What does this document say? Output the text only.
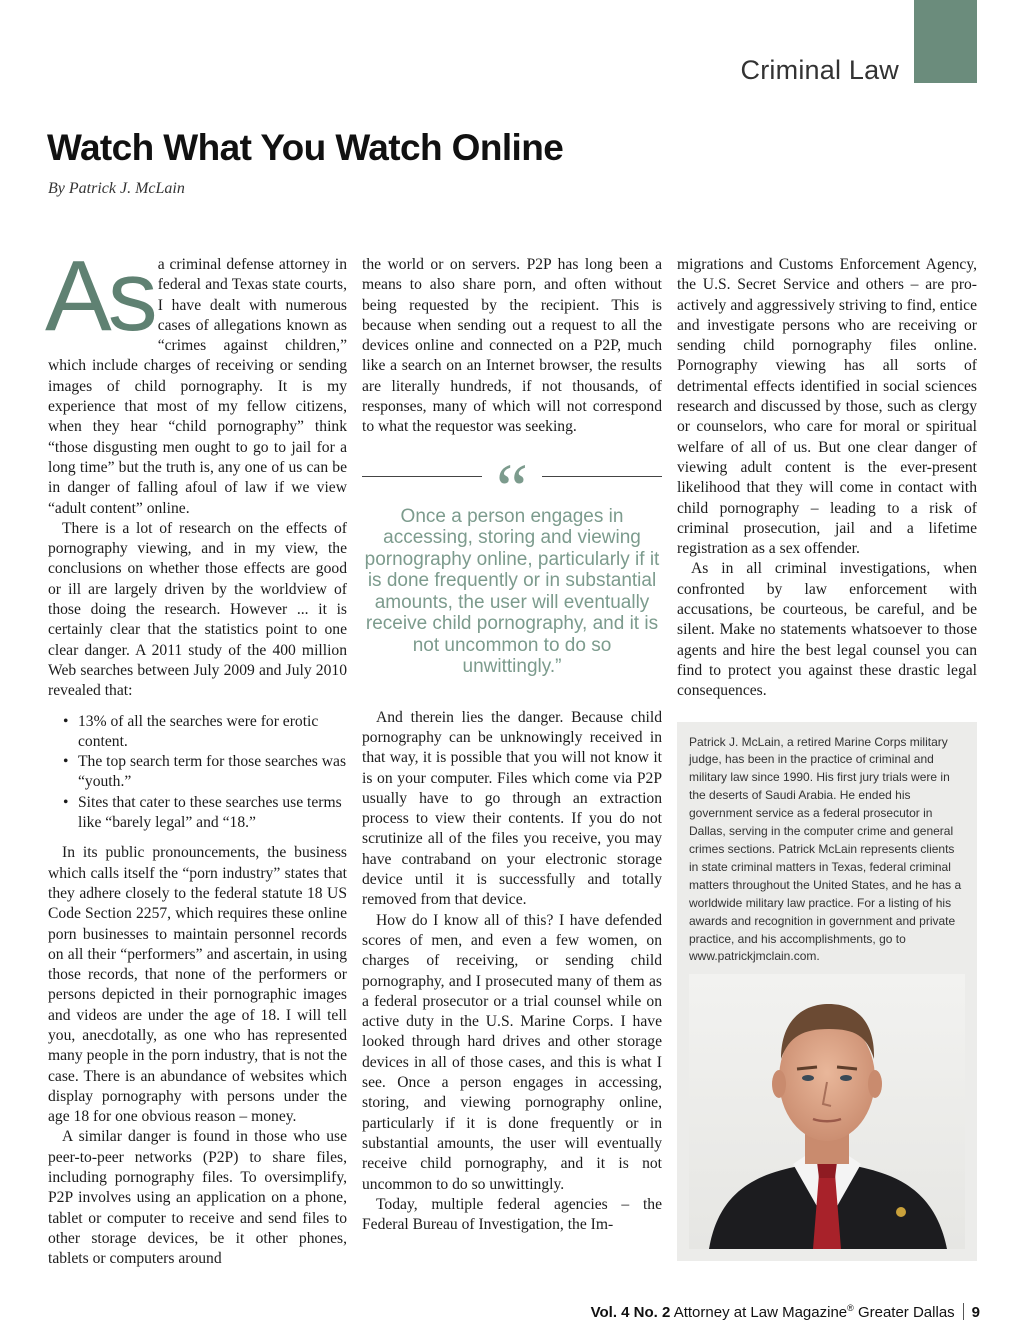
Criminal Law
Watch What You Watch Online
By Patrick J. McLain

As a criminal defense attorney in federal and Texas state courts, I have dealt with numerous cases of allegations known as “crimes against children,” which include charges of receiving or sending images of child pornography. It is my experience that most of my fellow citizens, when they hear “child pornography” think “those disgusting men ought to go to jail for a long time” but the truth is, any one of us can be in danger of falling afoul of law if we view “adult content” online.

There is a lot of research on the effects of pornography viewing, and in my view, the conclusions on whether those effects are good or ill are largely driven by the worldview of those doing the research. However ... it is certainly clear that the statistics point to one clear danger. A 2011 study of the 400 million Web searches between July 2009 and July 2010 revealed that:

• 13% of all the searches were for erotic content.
• The top search term for those searches was “youth.”
• Sites that cater to these searches use terms like “barely legal” and “18.”

In its public pronouncements, the business which calls itself the “porn industry” states that they adhere closely to the federal statute 18 US Code Section 2257, which requires these online porn businesses to maintain personnel records on all their “performers” and ascertain, in using those records, that none of the performers or persons depicted in their pornographic images and videos are under the age of 18. I will tell you, anecdotally, as one who has represented many people in the porn industry, that is not the case. There is an abundance of websites which display pornography with persons under the age 18 for one obvious reason – money.

A similar danger is found in those who use peer-to-peer networks (P2P) to share files, including pornography files. To oversimplify, P2P involves using an application on a phone, tablet or computer to receive and send files to other storage devices, be it other phones, tablets or computers around

the world or on servers. P2P has long been a means to also share porn, and often without being requested by the recipient. This is because when sending out a request to all the devices online and connected on a P2P, much like a search on an Internet browser, the results are literally hundreds, if not thousands, of responses, many of which will not correspond to what the requestor was seeking.

“
Once a person engages in accessing, storing and viewing pornography online, particularly if it is done frequently or in substantial amounts, the user will eventually receive child pornography, and it is not uncommon to do so unwittingly.”

And therein lies the danger. Because child pornography can be unknowingly received in that way, it is possible that you will not know it is on your computer. Files which come via P2P usually have to go through an extraction process to view their contents. If you do not scrutinize all of the files you receive, you may have contraband on your electronic storage device until it is successfully and totally removed from that device.

How do I know all of this? I have defended scores of men, and even a few women, on charges of receiving, or sending child pornography, and I prosecuted many of them as a federal prosecutor or a trial counsel while on active duty in the U.S. Marine Corps. I have looked through hard drives and other storage devices in all of those cases, and this is what I see. Once a person engages in accessing, storing, and viewing pornography online, particularly if it is done frequently or in substantial amounts, the user will eventually receive child pornography, and it is not uncommon to do so unwittingly.

Today, multiple federal agencies – the Federal Bureau of Investigation, the Im-

migrations and Customs Enforcement Agency, the U.S. Secret Service and others – are pro-actively and aggressively striving to find, entice and investigate persons who are receiving or sending child pornography files online. Pornography viewing has all sorts of detrimental effects identified in social sciences research and discussed by those, such as clergy or counselors, who care for moral or spiritual welfare of all of us. But one clear danger of viewing adult content is the ever-present likelihood that they will come in contact with child pornography – leading to a risk of criminal prosecution, jail and a lifetime registration as a sex offender.

As in all criminal investigations, when confronted by law enforcement with accusations, be courteous, be careful, and be silent. Make no statements whatsoever to those agents and hire the best legal counsel you can find to protect you against these drastic legal consequences.

Patrick J. McLain, a retired Marine Corps military judge, has been in the practice of criminal and military law since 1990. His first jury trials were in the deserts of Saudi Arabia. He ended his government service as a federal prosecutor in Dallas, serving in the computer crime and general crimes sections. Patrick McLain represents clients in state criminal matters in Texas, federal criminal matters throughout the United States, and he has a worldwide military law practice. For a listing of his awards and recognition in government and private practice, and his accomplishments, go to www.patrickjmclain.com.

Vol. 4 No. 2 Attorney at Law Magazine® Greater Dallas 9
